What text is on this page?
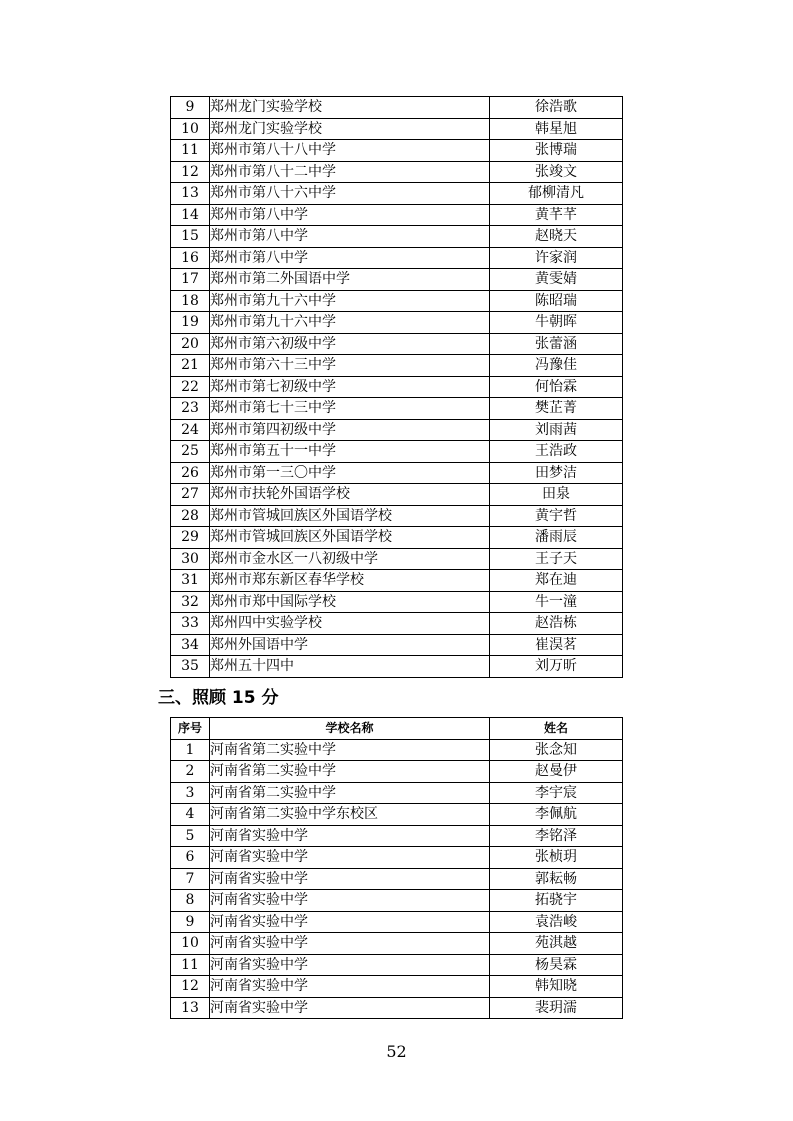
9	郑州龙门实验学校	徐浩歌
10	郑州龙门实验学校	韩星旭
11	郑州市第八十八中学	张博瑞
12	郑州市第八十二中学	张竣文
13	郑州市第八十六中学	郁柳清凡
14	郑州市第八中学	黄芊芊
15	郑州市第八中学	赵晓天
16	郑州市第八中学	许家润
17	郑州市第二外国语中学	黄雯婧
18	郑州市第九十六中学	陈昭瑞
19	郑州市第九十六中学	牛朝晖
20	郑州市第六初级中学	张蕾涵
21	郑州市第六十三中学	冯豫佳
22	郑州市第七初级中学	何怡霖
23	郑州市第七十三中学	樊芷菁
24	郑州市第四初级中学	刘雨茜
25	郑州市第五十一中学	王浩政
26	郑州市第一三〇中学	田梦洁
27	郑州市扶轮外国语学校	田泉
28	郑州市管城回族区外国语学校	黄宇哲
29	郑州市管城回族区外国语学校	潘雨辰
30	郑州市金水区一八初级中学	王子天
31	郑州市郑东新区春华学校	郑在迪
32	郑州市郑中国际学校	牛一潼
33	郑州四中实验学校	赵浩栋
34	郑州外国语中学	崔淏茗
35	郑州五十四中	刘万昕
三、照顾 15 分
序号	学校名称	姓名
1	河南省第二实验中学	张念知
2	河南省第二实验中学	赵曼伊
3	河南省第二实验中学	李宇宸
4	河南省第二实验中学东校区	李佩航
5	河南省实验中学	李铭泽
6	河南省实验中学	张桢玥
7	河南省实验中学	郭耘畅
8	河南省实验中学	拓骁宇
9	河南省实验中学	袁浩峻
10	河南省实验中学	苑淇越
11	河南省实验中学	杨昊霖
12	河南省实验中学	韩知晓
13	河南省实验中学	裴玥濡
52
